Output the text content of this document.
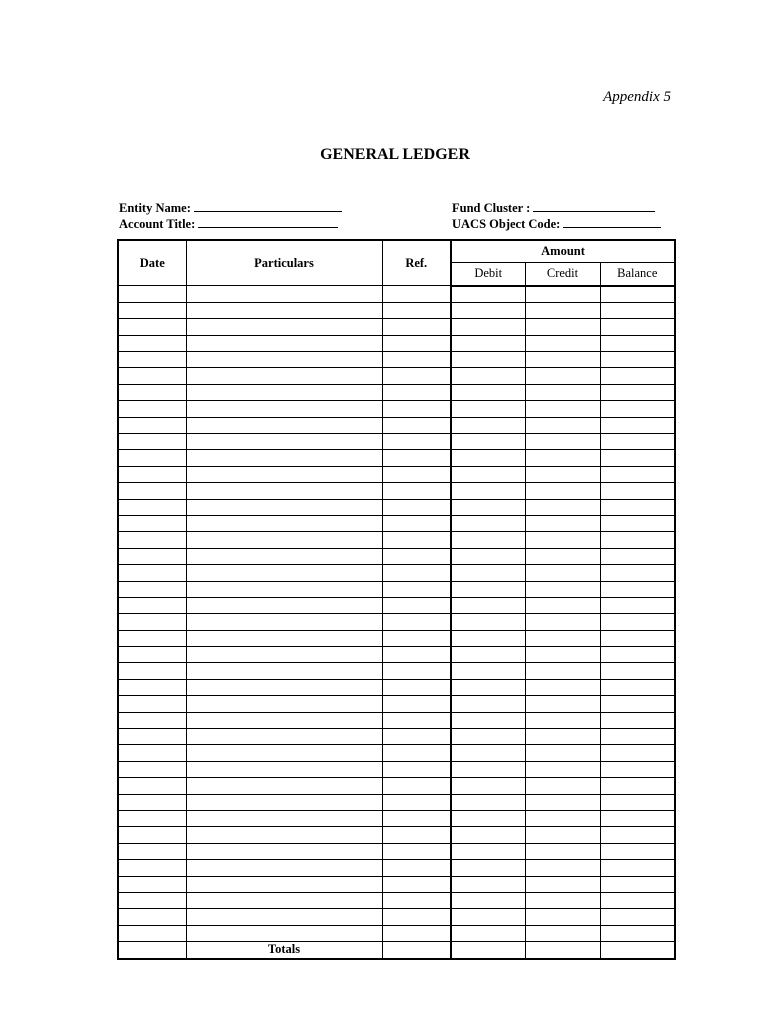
Appendix 5
GENERAL LEDGER
Entity Name:
Account Title:
Fund Cluster :
UACS Object Code:
Date	Particulars	Ref.	Amount		
			Debit	Credit	Balance

	Totals				
